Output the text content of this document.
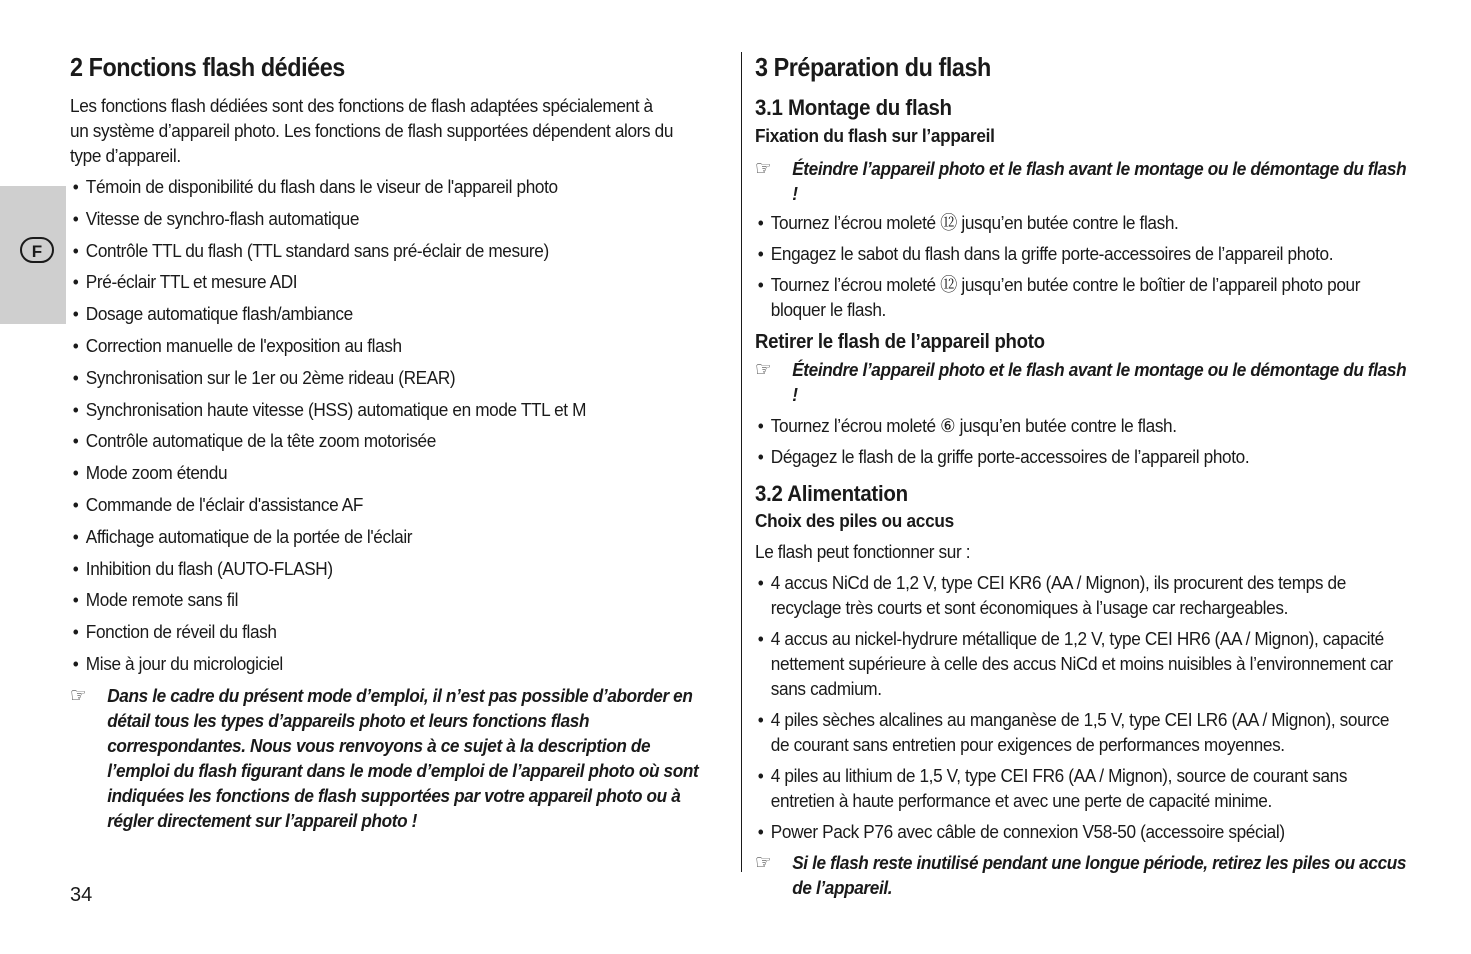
F
2 Fonctions flash dédiées

Les fonctions flash dédiées sont des fonctions de flash adaptées spécialement à un système d’appareil photo. Les fonctions de flash supportées dépendent alors du type d’appareil.

• Témoin de disponibilité du flash dans le viseur de l'appareil photo
• Vitesse de synchro-flash automatique
• Contrôle TTL du flash (TTL standard sans pré-éclair de mesure)
• Pré-éclair TTL et mesure ADI
• Dosage automatique flash/ambiance
• Correction manuelle de l'exposition au flash
• Synchronisation sur le 1er ou 2ème rideau (REAR)
• Synchronisation haute vitesse (HSS) automatique en mode TTL et M
• Contrôle automatique de la tête zoom motorisée
• Mode zoom étendu
• Commande de l'éclair d'assistance AF
• Affichage automatique de la portée de l'éclair
• Inhibition du flash (AUTO-FLASH)
• Mode remote sans fil
• Fonction de réveil du flash
• Mise à jour du micrologiciel
☞ Dans le cadre du présent mode d’emploi, il n’est pas possible d’aborder en détail tous les types d’appareils photo et leurs fonctions flash correspondantes. Nous vous renvoyons à ce sujet à la description de l’emploi du flash figurant dans le mode d’emploi de l’appareil photo où sont indiquées les fonctions de flash supportées par votre appareil photo ou à régler directement sur l’appareil photo !
3 Préparation du flash
3.1 Montage du flash
Fixation du flash sur l’appareil
☞ Éteindre l’appareil photo et le flash avant le montage ou le démontage du flash !
• Tournez l’écrou moleté ⑫ jusqu’en butée contre le flash.
• Engagez le sabot du flash dans la griffe porte-accessoires de l’appareil photo.
• Tournez l’écrou moleté ⑫ jusqu’en butée contre le boîtier de l’appareil photo pour bloquer le flash.
Retirer le flash de l’appareil photo
☞ Éteindre l’appareil photo et le flash avant le montage ou le démontage du flash !
• Tournez l’écrou moleté ⑥ jusqu’en butée contre le flash.
• Dégagez le flash de la griffe porte-accessoires de l’appareil photo.
3.2 Alimentation
Choix des piles ou accus

Le flash peut fonctionner sur :

• 4 accus NiCd de 1,2 V, type CEI KR6 (AA / Mignon), ils procurent des temps de recyclage très courts et sont économiques à l’usage car rechargeables.
• 4 accus au nickel-hydrure métallique de 1,2 V, type CEI HR6 (AA / Mignon), capacité nettement supérieure à celle des accus NiCd et moins nuisibles à l’environnement car sans cadmium.
• 4 piles sèches alcalines au manganèse de 1,5 V, type CEI LR6 (AA / Mignon), source de courant sans entretien pour exigences de performances moyennes.
• 4 piles au lithium de 1,5 V, type CEI FR6 (AA / Mignon), source de courant sans entretien à haute performance et avec une perte de capacité minime.
• Power Pack P76 avec câble de connexion V58-50 (accessoire spécial)
☞ Si le flash reste inutilisé pendant une longue période, retirez les piles ou accus de l’appareil.
34
